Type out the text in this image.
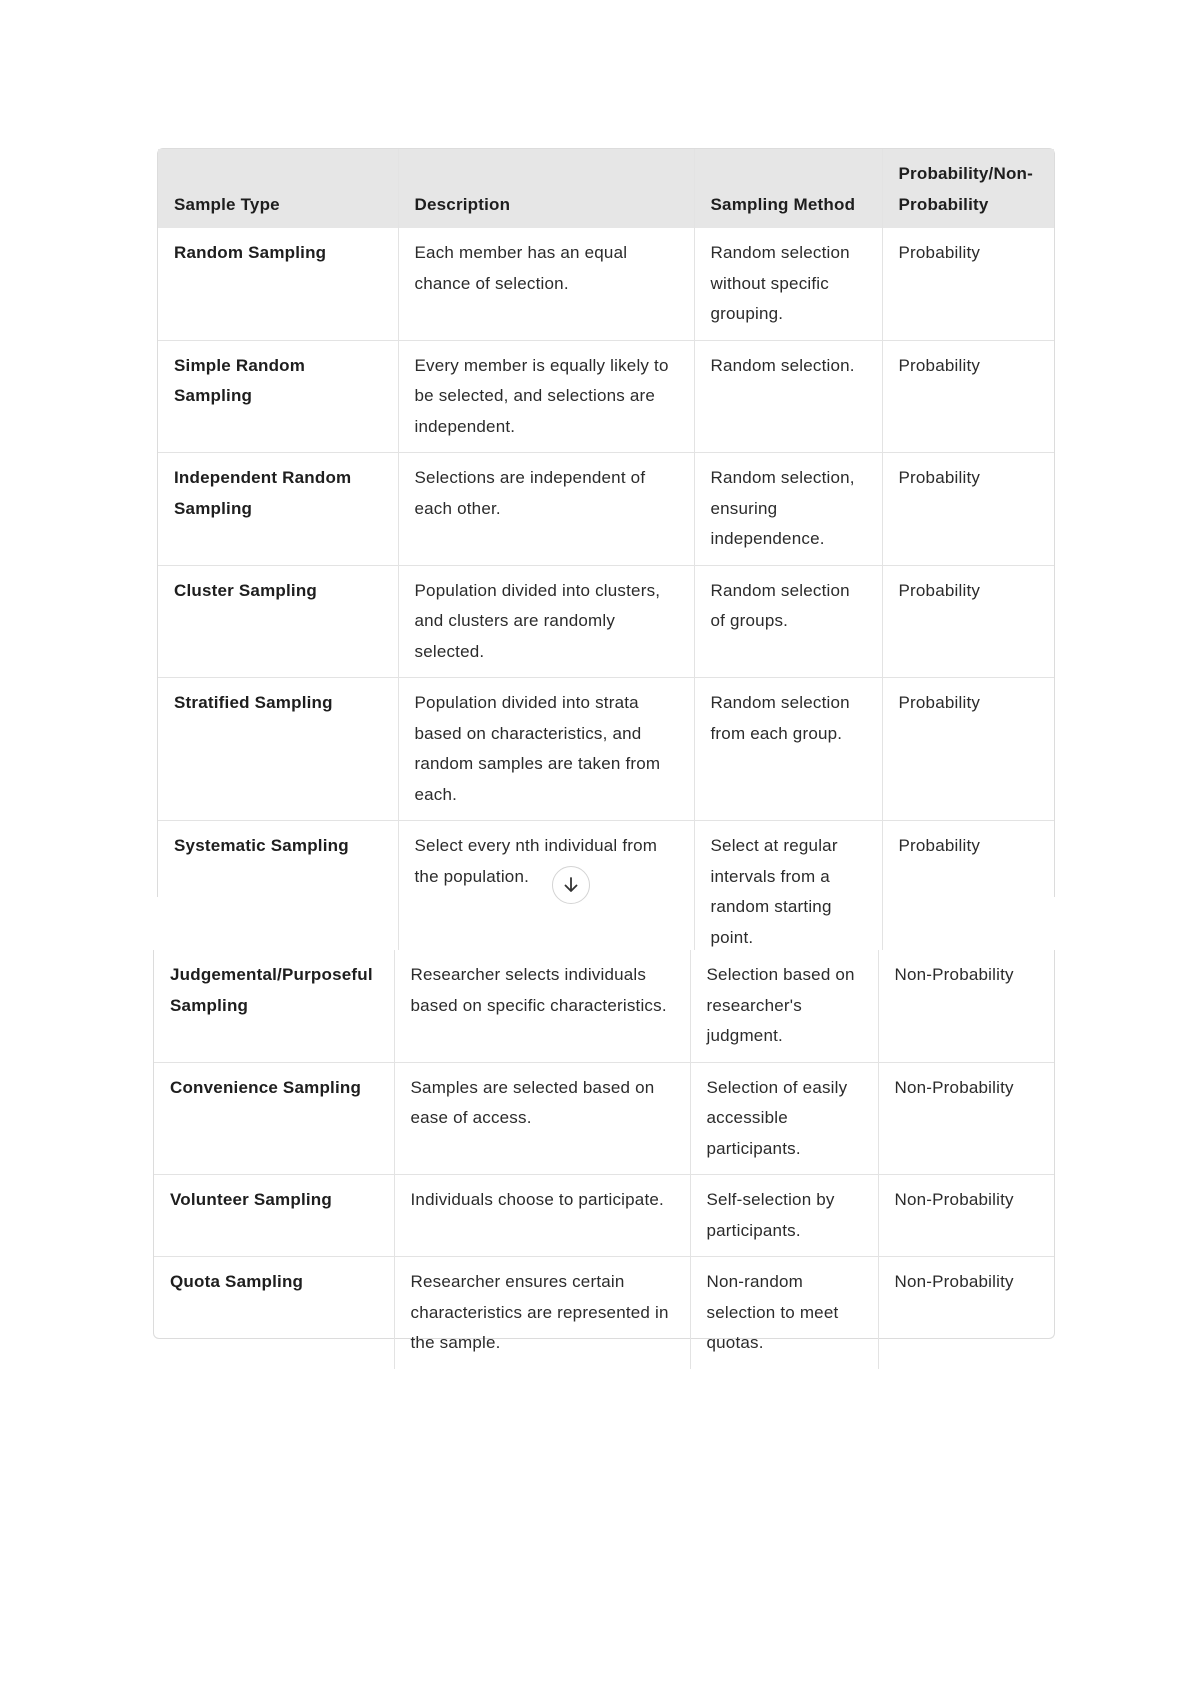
Sample Type	Description	Sampling Method	Probability/Non-Probability
Random Sampling	Each member has an equal chance of selection.	Random selection without specific grouping.	Probability
Simple Random Sampling	Every member is equally likely to be selected, and selections are independent.	Random selection.	Probability
Independent Random Sampling	Selections are independent of each other.	Random selection, ensuring independence.	Probability
Cluster Sampling	Population divided into clusters, and clusters are randomly selected.	Random selection of groups.	Probability
Stratified Sampling	Population divided into strata based on characteristics, and random samples are taken from each.	Random selection from each group.	Probability
Systematic Sampling	Select every nth individual from the population.	Select at regular intervals from a random starting point.	Probability
Judgemental/Purposeful Sampling	Researcher selects individuals based on specific characteristics.	Selection based on researcher's judgment.	Non-Probability
Convenience Sampling	Samples are selected based on ease of access.	Selection of easily accessible participants.	Non-Probability
Volunteer Sampling	Individuals choose to participate.	Self-selection by participants.	Non-Probability
Quota Sampling	Researcher ensures certain characteristics are represented in the sample.	Non-random selection to meet quotas.	Non-Probability
